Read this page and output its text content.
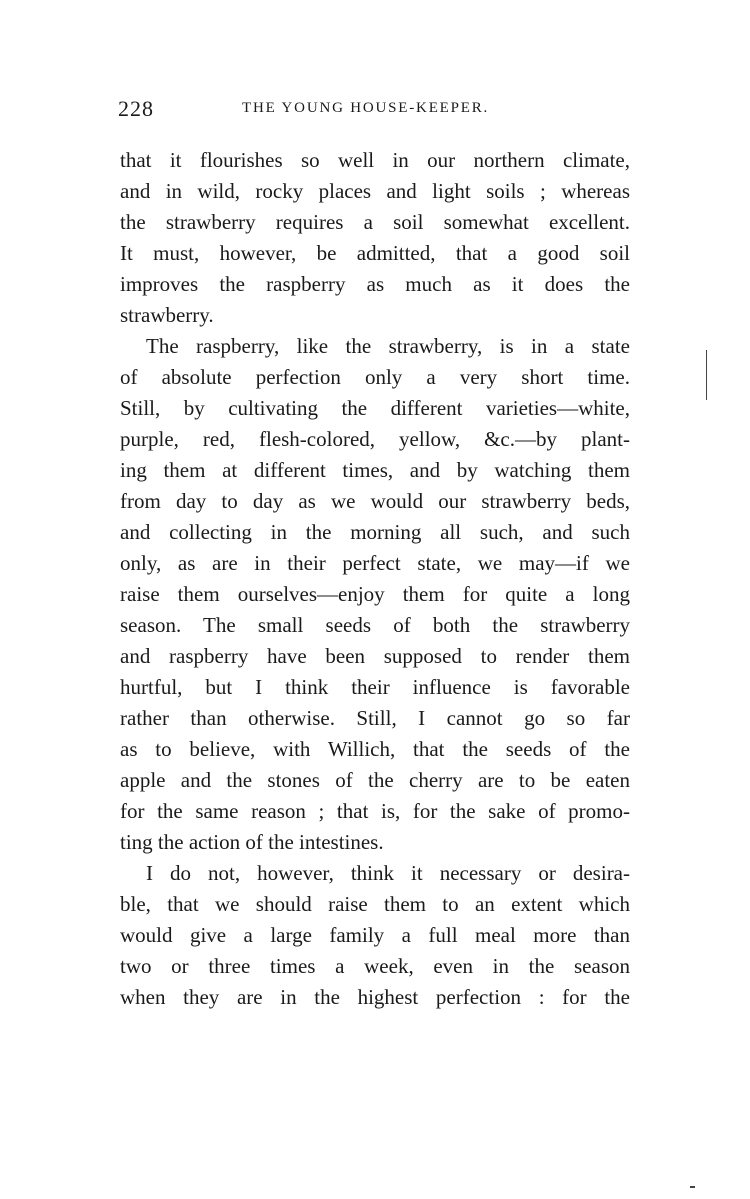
228	THE YOUNG HOUSE-KEEPER.
that it flourishes so well in our northern climate,
and in wild, rocky places and light soils ; whereas
the strawberry requires a soil somewhat excellent.
It must, however, be admitted, that a good soil
improves the raspberry as much as it does the
strawberry.
The raspberry, like the strawberry, is in a state
of absolute perfection only a very short time.
Still, by cultivating the different varieties—white,
purple, red, flesh-colored, yellow, &c.—by plant-
ing them at different times, and by watching them
from day to day as we would our strawberry beds,
and collecting in the morning all such, and such
only, as are in their perfect state, we may—if we
raise them ourselves—enjoy them for quite a long
season. The small seeds of both the strawberry
and raspberry have been supposed to render them
hurtful, but I think their influence is favorable
rather than otherwise. Still, I cannot go so far
as to believe, with Willich, that the seeds of the
apple and the stones of the cherry are to be eaten
for the same reason ; that is, for the sake of promo-
ting the action of the intestines.
I do not, however, think it necessary or desira-
ble, that we should raise them to an extent which
would give a large family a full meal more than
two or three times a week, even in the season
when they are in the highest perfection : for the
